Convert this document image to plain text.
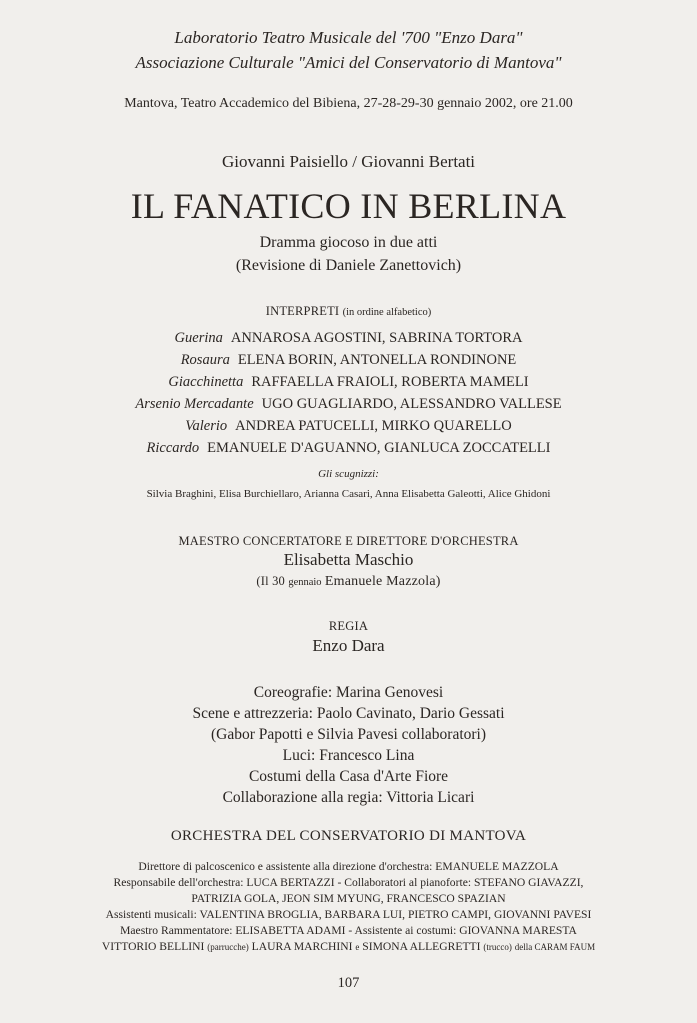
Laboratorio Teatro Musicale del '700 "Enzo Dara"
Associazione Culturale "Amici del Conservatorio di Mantova"
Mantova, Teatro Accademico del Bibiena, 27-28-29-30 gennaio 2002, ore 21.00
Giovanni Paisiello / Giovanni Bertati
IL FANATICO IN BERLINA
Dramma giocoso in due atti
(Revisione di Daniele Zanettovich)
INTERPRETI (in ordine alfabetico)
Guerina ANNAROSA AGOSTINI, SABRINA TORTORA
Rosaura ELENA BORIN, ANTONELLA RONDINONE
Giacchinetta RAFFAELLA FRAIOLI, ROBERTA MAMELI
Arsenio Mercadante UGO GUAGLIARDO, ALESSANDRO VALLESE
Valerio ANDREA PATUCELLI, MIRKO QUARELLO
Riccardo EMANUELE D'AGUANNO, GIANLUCA ZOCCATELLI
Gli scugnizzi:
Silvia Braghini, Elisa Burchiellaro, Arianna Casari, Anna Elisabetta Galeotti, Alice Ghidoni
MAESTRO CONCERTATORE E DIRETTORE D'ORCHESTRA
Elisabetta Maschio
(Il 30 gennaio Emanuele Mazzola)
REGIA
Enzo Dara
Coreografie: Marina Genovesi
Scene e attrezzeria: Paolo Cavinato, Dario Gessati
(Gabor Papotti e Silvia Pavesi collaboratori)
Luci: Francesco Lina
Costumi della Casa d'Arte Fiore
Collaborazione alla regia: Vittoria Licari
ORCHESTRA DEL CONSERVATORIO DI MANTOVA
Direttore di palcoscenico e assistente alla direzione d'orchestra: EMANUELE MAZZOLA
Responsabile dell'orchestra: LUCA BERTAZZI - Collaboratori al pianoforte: STEFANO GIAVAZZI,
PATRIZIA GOLA, JEON SIM MYUNG, FRANCESCO SPAZIAN
Assistenti musicali: VALENTINA BROGLIA, BARBARA LUI, PIETRO CAMPI, GIOVANNI PAVESI
Maestro Rammentatore: ELISABETTA ADAMI - Assistente ai costumi: GIOVANNA MARESTA
VITTORIO BELLINI (parrucche) LAURA MARCHINI e SIMONA ALLEGRETTI (trucco) della CARAM FAUM
107
